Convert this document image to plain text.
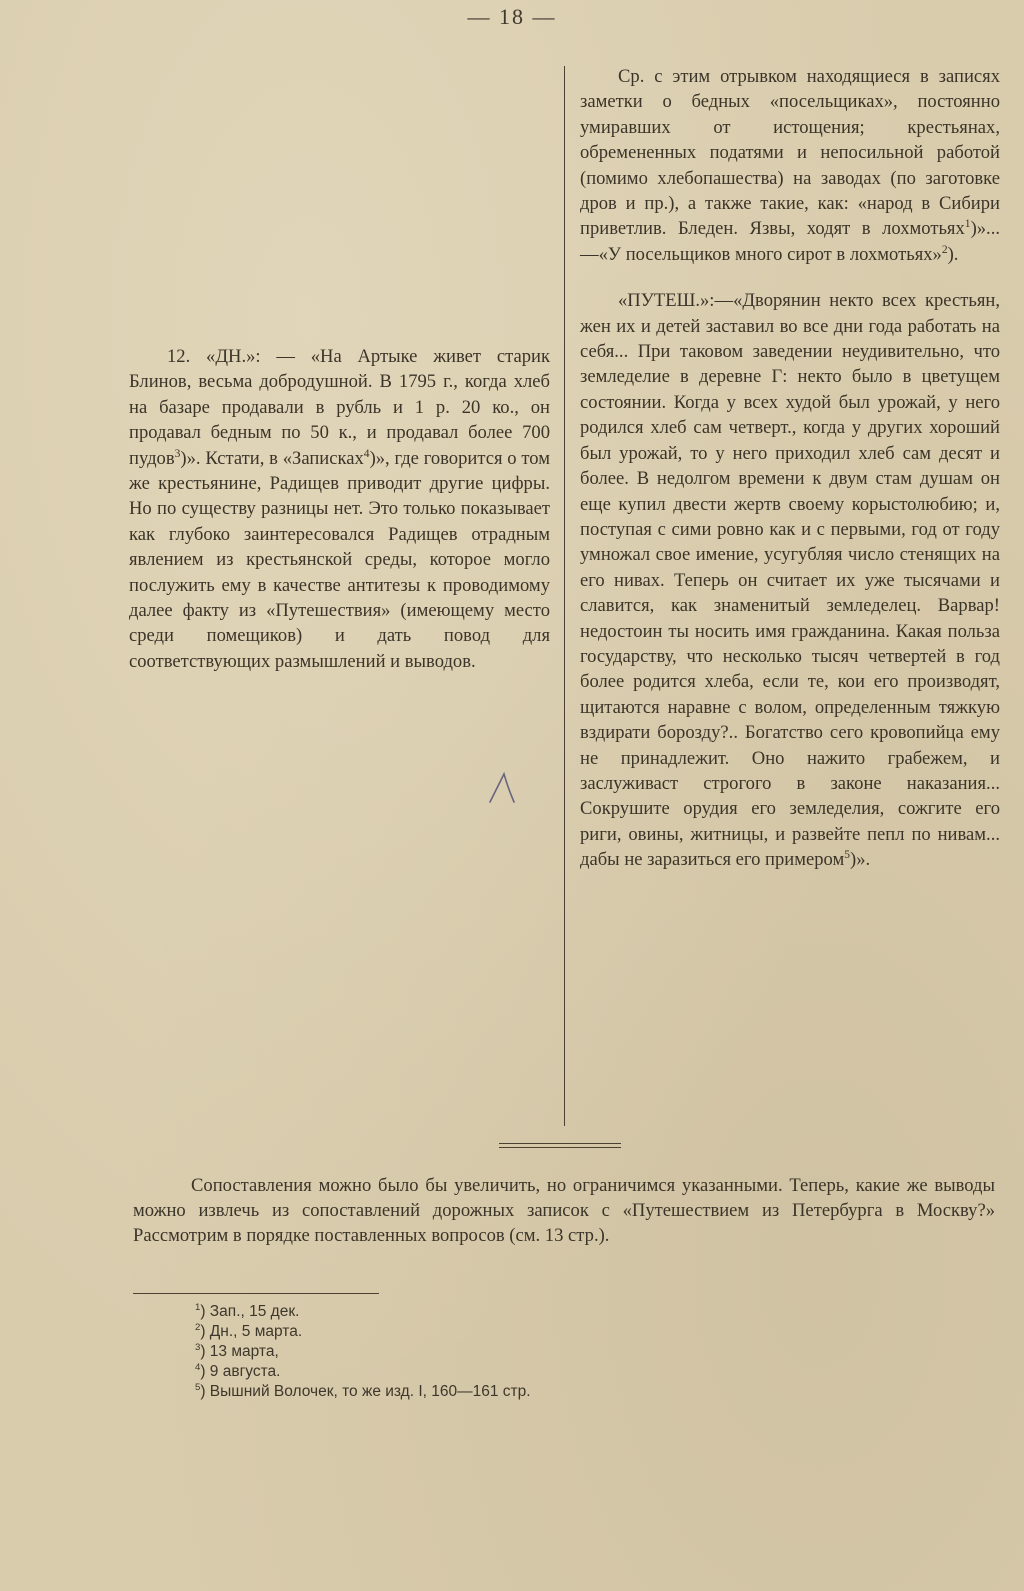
— 18 —

Ср. с этим отрывком находящиеся в записях заметки о бедных «посельщиках», постоянно умиравших от истощения; крестьянах, обремененных податями и непосильной работой (помимо хлебопашества) на заводах (по заготовке дров и пр.), а также такие, как: «народ в Сибири приветлив. Бледен. Язвы, ходят в лохмотьях$^1$)»...—«У посельщиков много сирот в лохмотьях»$^2$).

«ПУТЕШ.»:—«Дворянин некто всех крестьян, жен их и детей заставил во все дни года работать на себя... При таковом заведении неудивительно, что земледелие в деревне Г: некто было в цветущем состоянии. Когда у всех худой был урожай, у него родился хлеб сам четверт., когда у других хороший был урожай, то у него приходил хлеб сам десят и более. В недолгом времени к двум стам душам он еще купил двести жертв своему корыстолюбию; и, поступая с сими ровно как и с первыми, год от году умножал свое имение, усугубляя число стенящих на его нивах. Теперь он считает их уже тысячами и славится, как знаменитый земледелец. Варвар! недостоин ты носить имя гражданина. Какая польза государству, что несколько тысяч четвертей в год более родится хлеба, если те, кои его производят, щитаются наравне с волом, определенным тяжкую вздирати борозду?.. Богатство сего кровопийца ему не принадлежит. Оно нажито грабежем, и заслуживаст строгого в законе наказания... Сокрушите орудия его земледелия, сожгите его риги, овины, житницы, и развейте пепл по нивам... дабы не заразиться его примером$^5$)».

12. «ДН.»: — «На Артыке живет старик Блинов, весьма добродушной. В 1795 г., когда хлеб на базаре продавали в рубль и 1 р. 20 ко., он продавал бедным по 50 к., и продавал более 700 пудов$^3$)». Кстати, в «Записках$^4$)», где говорится о том же крестьянине, Радищев приводит другие цифры. Но по существу разницы нет. Это только показывает как глубоко заинтересовался Радищев отрадным явлением из крестьянской среды, которое могло послужить ему в качестве антитезы к проводимому далее факту из «Путешествия» (имеющему место среди помещиков) и дать повод для соответствующих размышлений и выводов.

Сопоставления можно было бы увеличить, но ограничимся указанными. Теперь, какие же выводы можно извлечь из сопоставлений дорожных записок с «Путешествием из Петербурга в Москву?» Рассмотрим в порядке поставленных вопросов (см. 13 стр.).

$^1$) Зап., 15 дек.
$^2$) Дн., 5 марта.
$^3$) 13 марта,
$^4$) 9 августа.
$^5$) Вышний Волочек, то же изд. I, 160—161 стр.
